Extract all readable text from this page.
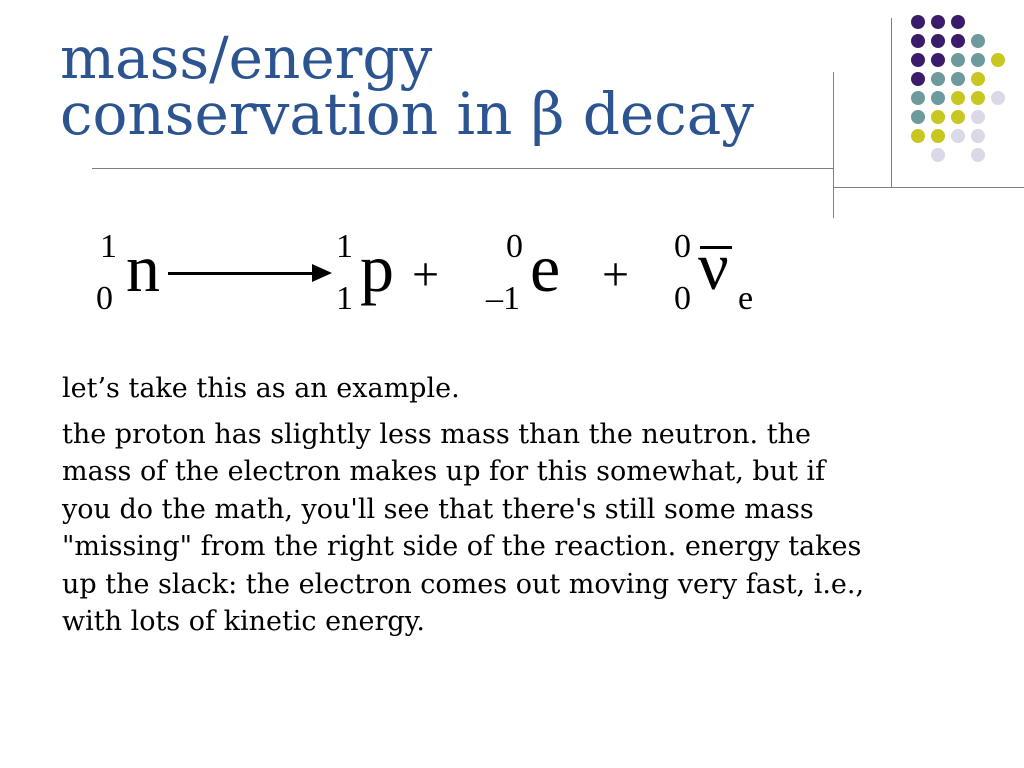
mass/energy
conservation in β decay
1
0 n	1
1 p +
0
–1 e +
0
0 ν e

let’s take this as an example.

the proton has slightly less mass than the neutron. the mass of the electron makes up for this somewhat, but if you do the math, you'll see that there's still some mass "missing" from the right side of the reaction. energy takes up the slack: the electron comes out moving very fast, i.e., with lots of kinetic energy.
